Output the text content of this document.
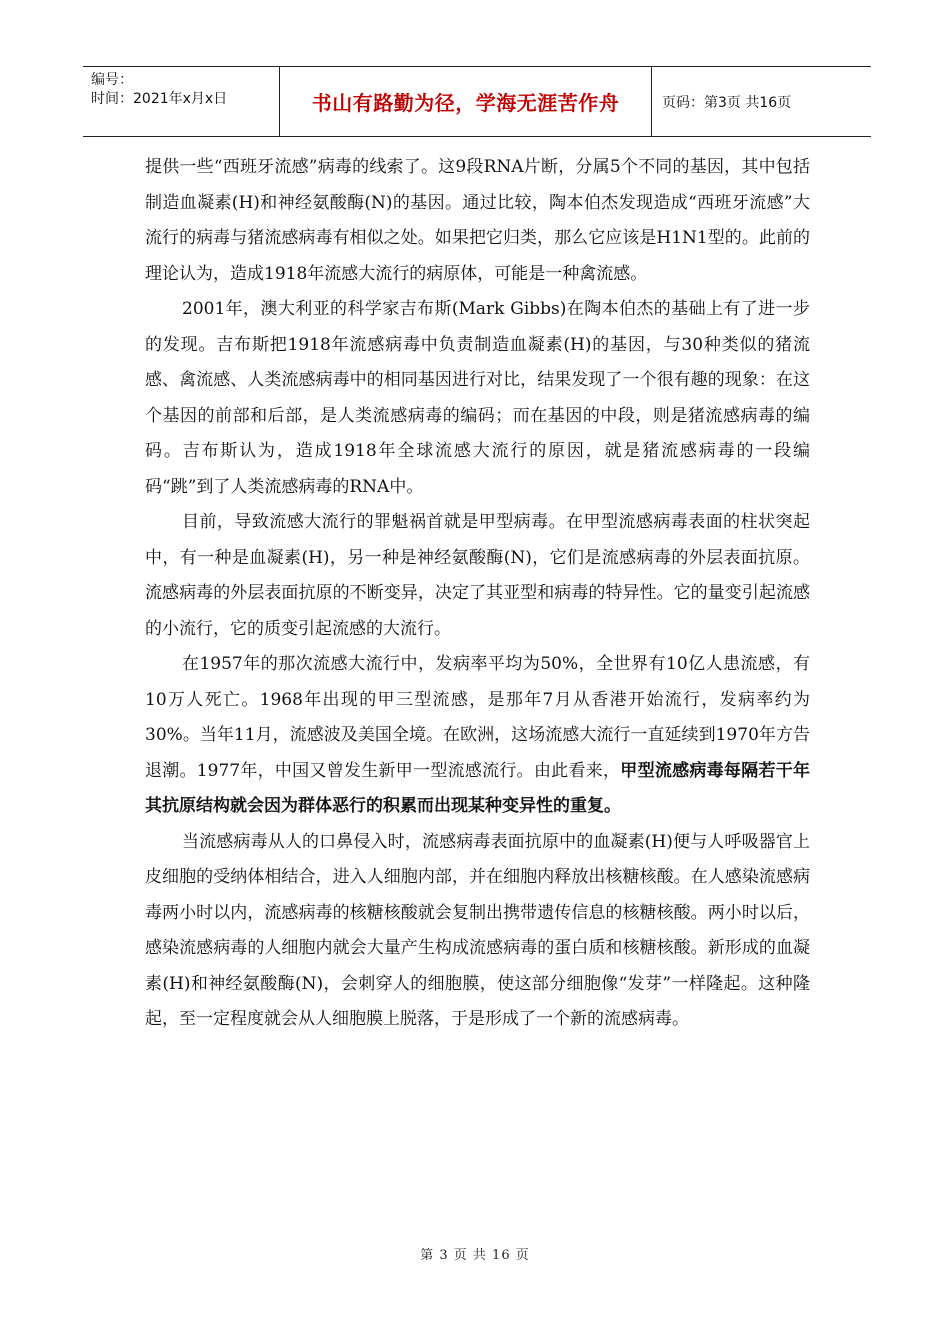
编号：
时间：2021年x月x日	书山有路勤为径，学海无涯苦作舟	页码：第3页 共16页

提供一些“西班牙流感”病毒的线索了。这9段RNA片断，分属5个不同的基因，其中包括制造血凝素(H)和神经氨酸酶(N)的基因。通过比较，陶本伯杰发现造成“西班牙流感”大流行的病毒与猪流感病毒有相似之处。如果把它归类，那么它应该是H1N1型的。此前的理论认为，造成1918年流感大流行的病原体，可能是一种禽流感。

2001年，澳大利亚的科学家吉布斯(Mark Gibbs)在陶本伯杰的基础上有了进一步的发现。吉布斯把1918年流感病毒中负责制造血凝素(H)的基因，与30种类似的猪流感、禽流感、人类流感病毒中的相同基因进行对比，结果发现了一个很有趣的现象：在这个基因的前部和后部，是人类流感病毒的编码；而在基因的中段，则是猪流感病毒的编码。吉布斯认为，造成1918年全球流感大流行的原因，就是猪流感病毒的一段编码“跳”到了人类流感病毒的RNA中。

目前，导致流感大流行的罪魁祸首就是甲型病毒。在甲型流感病毒表面的柱状突起中，有一种是血凝素(H)，另一种是神经氨酸酶(N)，它们是流感病毒的外层表面抗原。流感病毒的外层表面抗原的不断变异，决定了其亚型和病毒的特异性。它的量变引起流感的小流行，它的质变引起流感的大流行。

在1957年的那次流感大流行中，发病率平均为50%，全世界有10亿人患流感，有10万人死亡。1968年出现的甲三型流感，是那年7月从香港开始流行，发病率约为30%。当年11月，流感波及美国全境。在欧洲，这场流感大流行一直延续到1970年方告退潮。1977年，中国又曾发生新甲一型流感流行。由此看来，甲型流感病毒每隔若干年其抗原结构就会因为群体恶行的积累而出现某种变异性的重复。

当流感病毒从人的口鼻侵入时，流感病毒表面抗原中的血凝素(H)便与人呼吸器官上皮细胞的受纳体相结合，进入人细胞内部，并在细胞内释放出核糖核酸。在人感染流感病毒两小时以内，流感病毒的核糖核酸就会复制出携带遗传信息的核糖核酸。两小时以后，感染流感病毒的人细胞内就会大量产生构成流感病毒的蛋白质和核糖核酸。新形成的血凝素(H)和神经氨酸酶(N)，会刺穿人的细胞膜，使这部分细胞像“发芽”一样隆起。这种隆起，至一定程度就会从人细胞膜上脱落，于是形成了一个新的流感病毒。

第 3 页 共 16 页
